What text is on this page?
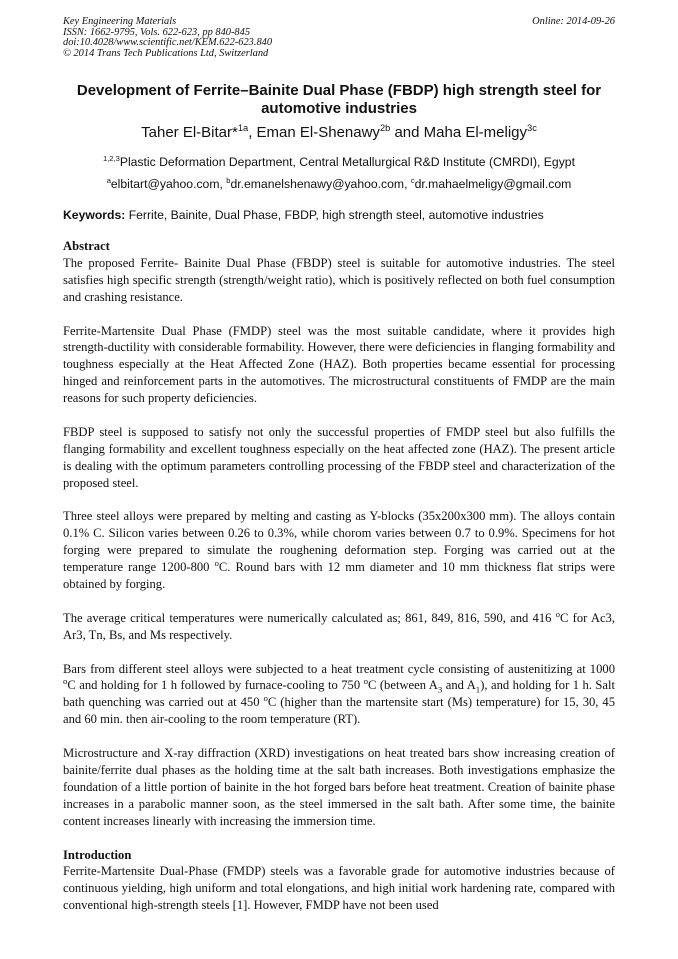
Key Engineering Materials
ISSN: 1662-9795, Vols. 622-623, pp 840-845
doi:10.4028/www.scientific.net/KEM.622-623.840
© 2014 Trans Tech Publications Ltd, Switzerland
Online: 2014-09-26
Development of Ferrite–Bainite Dual Phase (FBDP) high strength steel for automotive industries
Taher El-Bitar*$^{1a}$, Eman El-Shenawy$^{2b}$ and Maha El-meligy$^{3c}$
$^{1,2,3}$Plastic Deformation Department, Central Metallurgical R&D Institute (CMRDI), Egypt
$^a$elbitart@yahoo.com, $^b$dr.emanelshenawy@yahoo.com, $^c$dr.mahaelmeligy@gmail.com
Keywords: Ferrite, Bainite, Dual Phase, FBDP, high strength steel, automotive industries
Abstract

The proposed Ferrite- Bainite Dual Phase (FBDP) steel is suitable for automotive industries. The steel satisfies high specific strength (strength/weight ratio), which is positively reflected on both fuel consumption and crashing resistance.

Ferrite-Martensite Dual Phase (FMDP) steel was the most suitable candidate, where it provides high strength-ductility with considerable formability. However, there were deficiencies in flanging formability and toughness especially at the Heat Affected Zone (HAZ). Both properties became essential for processing hinged and reinforcement parts in the automotives. The microstructural constituents of FMDP are the main reasons for such property deficiencies.

FBDP steel is supposed to satisfy not only the successful properties of FMDP steel but also fulfills the flanging formability and excellent toughness especially on the heat affected zone (HAZ). The present article is dealing with the optimum parameters controlling processing of the FBDP steel and characterization of the proposed steel.

Three steel alloys were prepared by melting and casting as Y-blocks (35x200x300 mm). The alloys contain 0.1% C. Silicon varies between 0.26 to 0.3%, while chorom varies between 0.7 to 0.9%. Specimens for hot forging were prepared to simulate the roughening deformation step. Forging was carried out at the temperature range 1200-800 $^o$C. Round bars with 12 mm diameter and 10 mm thickness flat strips were obtained by forging.

The average critical temperatures were numerically calculated as; 861, 849, 816, 590, and 416 $^o$C for Ac3, Ar3, Tn, Bs, and Ms respectively.

Bars from different steel alloys were subjected to a heat treatment cycle consisting of austenitizing at 1000 $^o$C and holding for 1 h followed by furnace-cooling to 750 $^o$C (between $A_3$ and $A_1$), and holding for 1 h. Salt bath quenching was carried out at 450 $^o$C (higher than the martensite start (Ms) temperature) for 15, 30, 45 and 60 min. then air-cooling to the room temperature (RT).

Microstructure and X-ray diffraction (XRD) investigations on heat treated bars show increasing creation of bainite/ferrite dual phases as the holding time at the salt bath increases. Both investigations emphasize the foundation of a little portion of bainite in the hot forged bars before heat treatment. Creation of bainite phase increases in a parabolic manner soon, as the steel immersed in the salt bath. After some time, the bainite content increases linearly with increasing the immersion time.

Introduction

Ferrite-Martensite Dual-Phase (FMDP) steels was a favorable grade for automotive industries because of continuous yielding, high uniform and total elongations, and high initial work hardening rate, compared with conventional high-strength steels [1]. However, FMDP have not been used
